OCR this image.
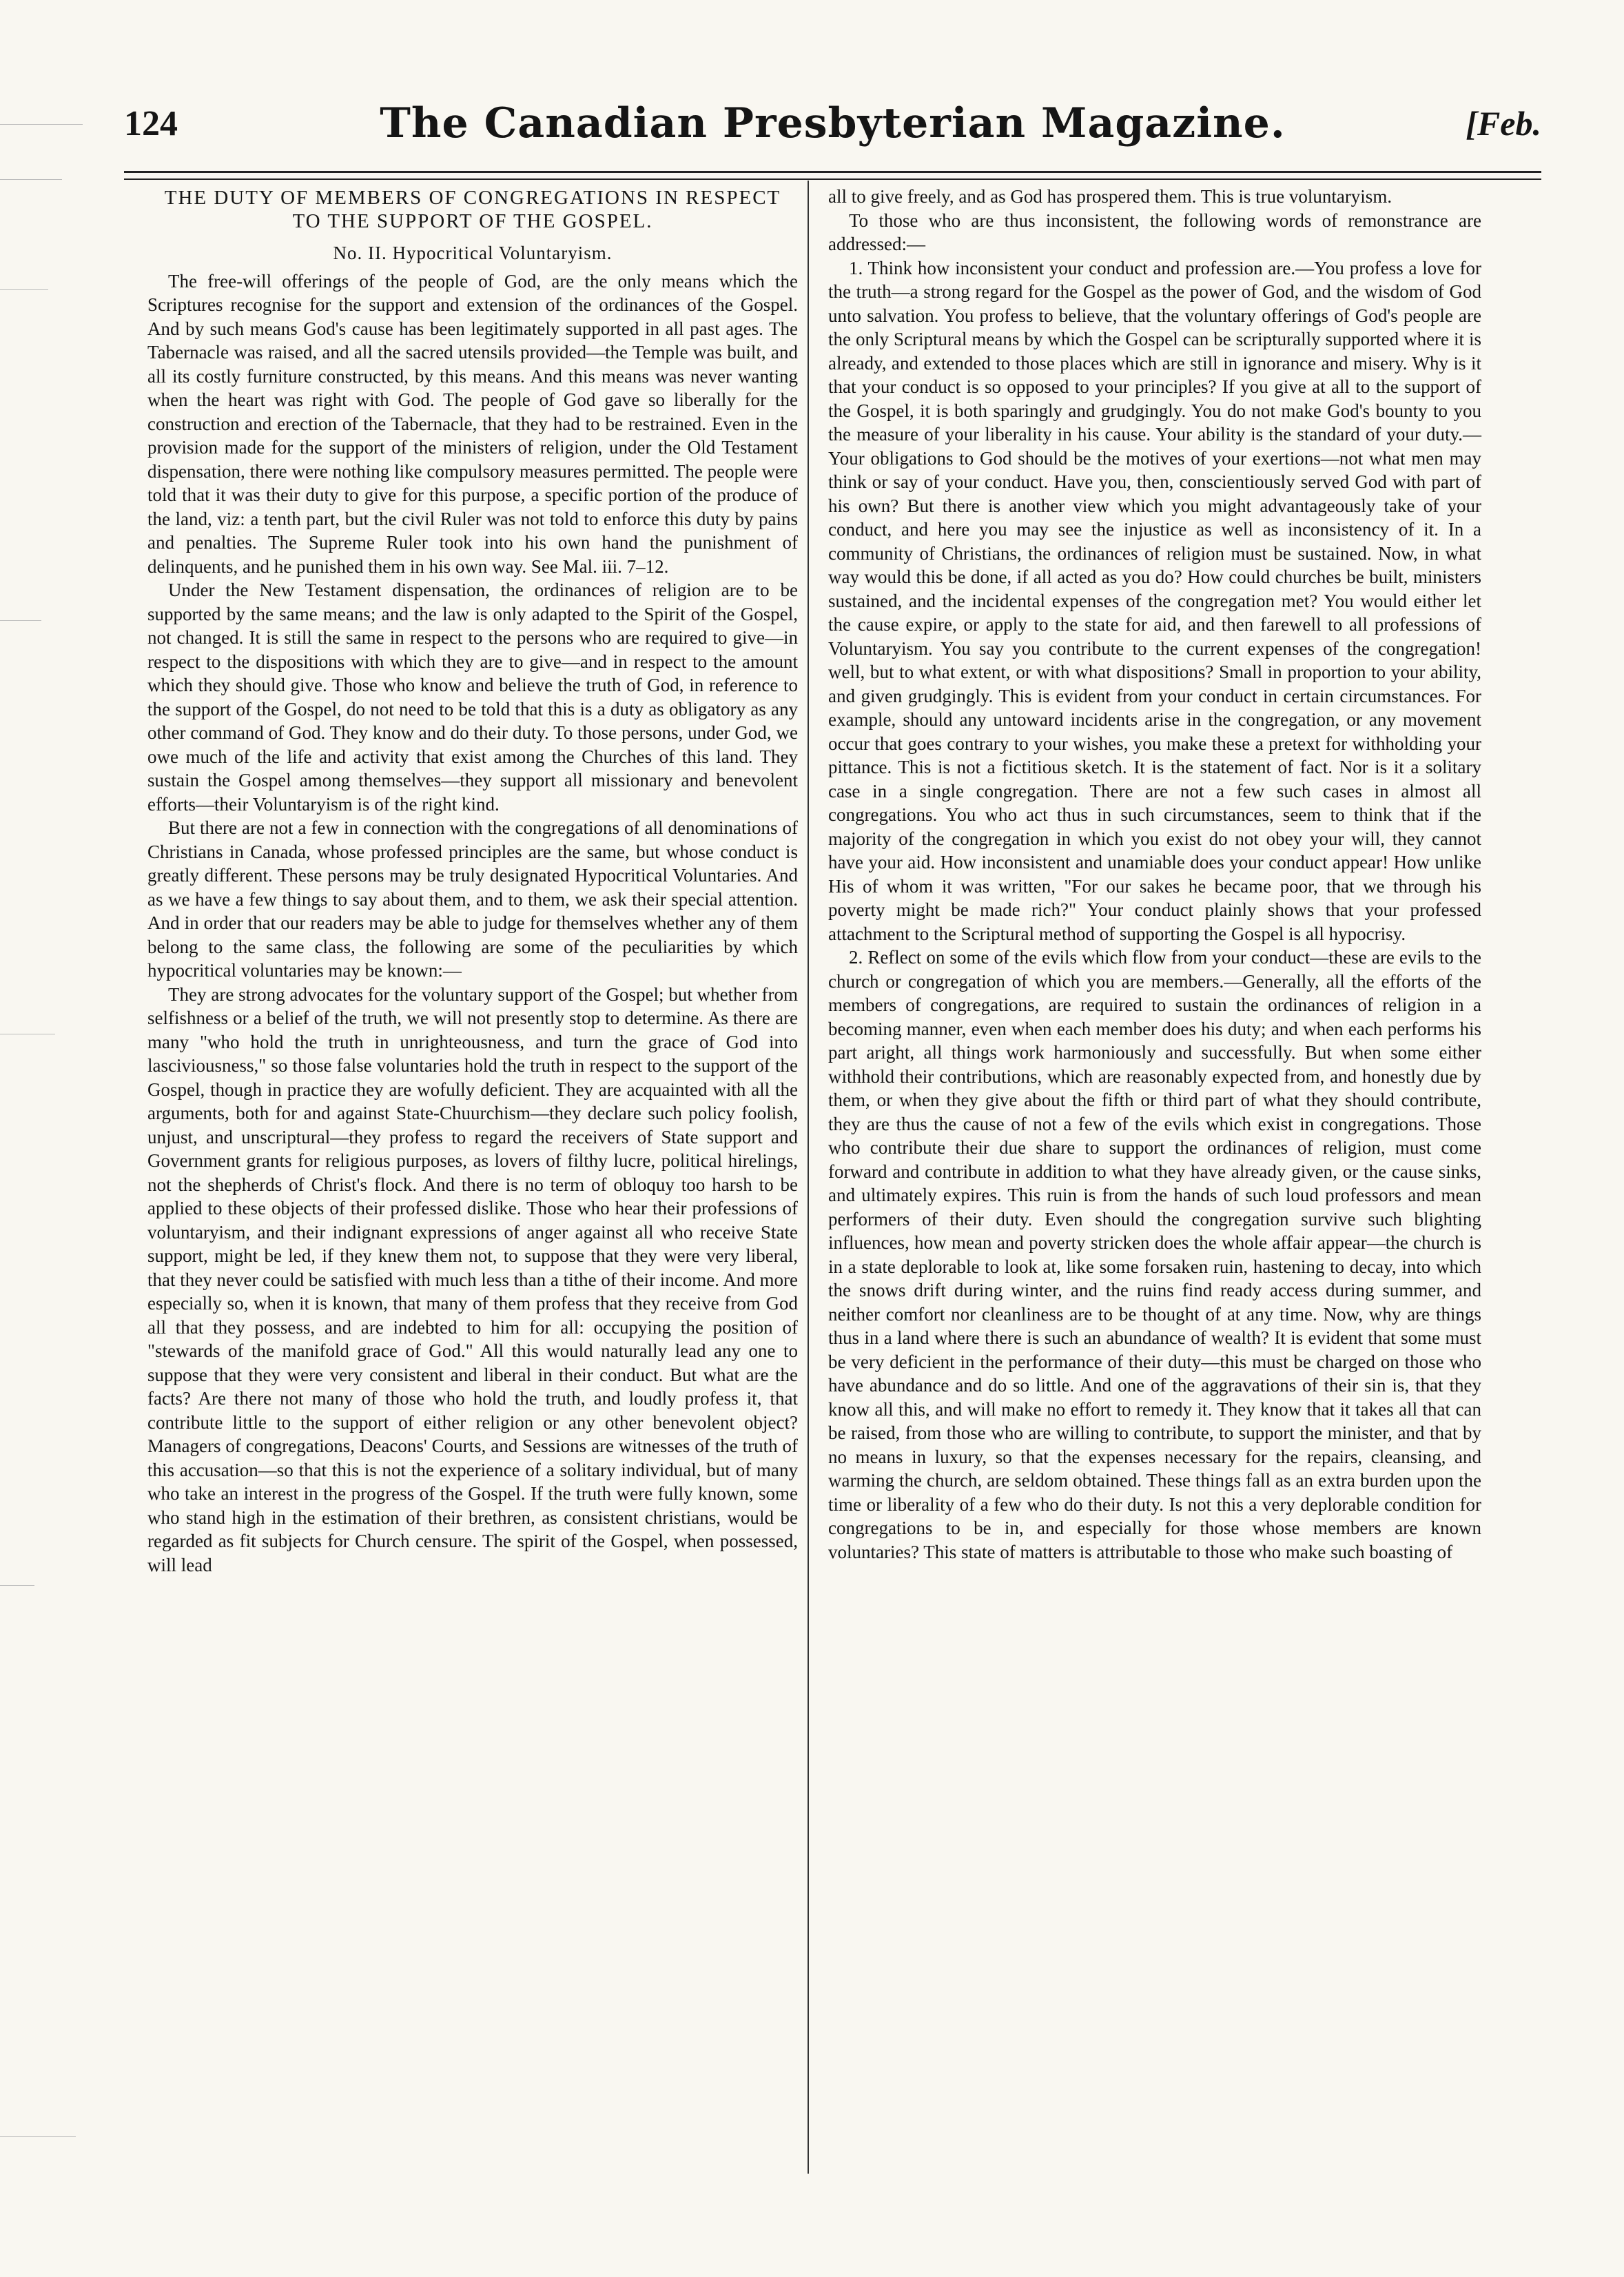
124	The Canadian Presbyterian Magazine.	[Feb.
THE DUTY OF MEMBERS OF CONGREGATIONS IN RESPECT TO THE SUPPORT OF THE GOSPEL.
No. II. Hypocritical Voluntaryism.

The free-will offerings of the people of God, are the only means which the Scriptures recognise for the support and extension of the ordinances of the Gospel. And by such means God's cause has been legitimately supported in all past ages. The Tabernacle was raised, and all the sacred utensils provided—the Temple was built, and all its costly furniture constructed, by this means. And this means was never wanting when the heart was right with God. The people of God gave so liberally for the construction and erection of the Tabernacle, that they had to be restrained. Even in the provision made for the support of the ministers of religion, under the Old Testament dispensation, there were nothing like compulsory measures permitted. The people were told that it was their duty to give for this purpose, a specific portion of the produce of the land, viz: a tenth part, but the civil Ruler was not told to enforce this duty by pains and penalties. The Supreme Ruler took into his own hand the punishment of delinquents, and he punished them in his own way. See Mal. iii. 7–12.

Under the New Testament dispensation, the ordinances of religion are to be supported by the same means; and the law is only adapted to the Spirit of the Gospel, not changed. It is still the same in respect to the persons who are required to give—in respect to the dispositions with which they are to give—and in respect to the amount which they should give. Those who know and believe the truth of God, in reference to the support of the Gospel, do not need to be told that this is a duty as obligatory as any other command of God. They know and do their duty. To those persons, under God, we owe much of the life and activity that exist among the Churches of this land. They sustain the Gospel among themselves—they support all missionary and benevolent efforts—their Voluntaryism is of the right kind.

But there are not a few in connection with the congregations of all denominations of Christians in Canada, whose professed principles are the same, but whose conduct is greatly different. These persons may be truly designated Hypocritical Voluntaries. And as we have a few things to say about them, and to them, we ask their special attention. And in order that our readers may be able to judge for themselves whether any of them belong to the same class, the following are some of the peculiarities by which hypocritical voluntaries may be known:—

They are strong advocates for the voluntary support of the Gospel; but whether from selfishness or a belief of the truth, we will not presently stop to determine. As there are many "who hold the truth in unrighteousness, and turn the grace of God into lasciviousness," so those false voluntaries hold the truth in respect to the support of the Gospel, though in practice they are wofully deficient. They are acquainted with all the arguments, both for and against State-Chuurchism—they declare such policy foolish, unjust, and unscriptural—they profess to regard the receivers of State support and Government grants for religious purposes, as lovers of filthy lucre, political hirelings, not the shepherds of Christ's flock. And there is no term of obloquy too harsh to be applied to these objects of their professed dislike. Those who hear their professions of voluntaryism, and their indignant expressions of anger against all who receive State support, might be led, if they knew them not, to suppose that they were very liberal, that they never could be satisfied with much less than a tithe of their income. And more especially so, when it is known, that many of them profess that they receive from God all that they possess, and are indebted to him for all: occupying the position of "stewards of the manifold grace of God." All this would naturally lead any one to suppose that they were very consistent and liberal in their conduct. But what are the facts? Are there not many of those who hold the truth, and loudly profess it, that contribute little to the support of either religion or any other benevolent object? Managers of congregations, Deacons' Courts, and Sessions are witnesses of the truth of this accusation—so that this is not the experience of a solitary individual, but of many who take an interest in the progress of the Gospel. If the truth were fully known, some who stand high in the estimation of their brethren, as consistent christians, would be regarded as fit subjects for Church censure. The spirit of the Gospel, when possessed, will lead

all to give freely, and as God has prospered them. This is true voluntaryism.

To those who are thus inconsistent, the following words of remonstrance are addressed:—

1. Think how inconsistent your conduct and profession are.—You profess a love for the truth—a strong regard for the Gospel as the power of God, and the wisdom of God unto salvation. You profess to believe, that the voluntary offerings of God's people are the only Scriptural means by which the Gospel can be scripturally supported where it is already, and extended to those places which are still in ignorance and misery. Why is it that your conduct is so opposed to your principles? If you give at all to the support of the Gospel, it is both sparingly and grudgingly. You do not make God's bounty to you the measure of your liberality in his cause. Your ability is the standard of your duty.—Your obligations to God should be the motives of your exertions—not what men may think or say of your conduct. Have you, then, conscientiously served God with part of his own? But there is another view which you might advantageously take of your conduct, and here you may see the injustice as well as inconsistency of it. In a community of Christians, the ordinances of religion must be sustained. Now, in what way would this be done, if all acted as you do? How could churches be built, ministers sustained, and the incidental expenses of the congregation met? You would either let the cause expire, or apply to the state for aid, and then farewell to all professions of Voluntaryism. You say you contribute to the current expenses of the congregation! well, but to what extent, or with what dispositions? Small in proportion to your ability, and given grudgingly. This is evident from your conduct in certain circumstances. For example, should any untoward incidents arise in the congregation, or any movement occur that goes contrary to your wishes, you make these a pretext for withholding your pittance. This is not a fictitious sketch. It is the statement of fact. Nor is it a solitary case in a single congregation. There are not a few such cases in almost all congregations. You who act thus in such circumstances, seem to think that if the majority of the congregation in which you exist do not obey your will, they cannot have your aid. How inconsistent and unamiable does your conduct appear! How unlike His of whom it was written, "For our sakes he became poor, that we through his poverty might be made rich?" Your conduct plainly shows that your professed attachment to the Scriptural method of supporting the Gospel is all hypocrisy.

2. Reflect on some of the evils which flow from your conduct—these are evils to the church or congregation of which you are members.—Generally, all the efforts of the members of congregations, are required to sustain the ordinances of religion in a becoming manner, even when each member does his duty; and when each performs his part aright, all things work harmoniously and successfully. But when some either withhold their contributions, which are reasonably expected from, and honestly due by them, or when they give about the fifth or third part of what they should contribute, they are thus the cause of not a few of the evils which exist in congregations. Those who contribute their due share to support the ordinances of religion, must come forward and contribute in addition to what they have already given, or the cause sinks, and ultimately expires. This ruin is from the hands of such loud professors and mean performers of their duty. Even should the congregation survive such blighting influences, how mean and poverty stricken does the whole affair appear—the church is in a state deplorable to look at, like some forsaken ruin, hastening to decay, into which the snows drift during winter, and the ruins find ready access during summer, and neither comfort nor cleanliness are to be thought of at any time. Now, why are things thus in a land where there is such an abundance of wealth? It is evident that some must be very deficient in the performance of their duty—this must be charged on those who have abundance and do so little. And one of the aggravations of their sin is, that they know all this, and will make no effort to remedy it. They know that it takes all that can be raised, from those who are willing to contribute, to support the minister, and that by no means in luxury, so that the expenses necessary for the repairs, cleansing, and warming the church, are seldom obtained. These things fall as an extra burden upon the time or liberality of a few who do their duty. Is not this a very deplorable condition for congregations to be in, and especially for those whose members are known voluntaries? This state of matters is attributable to those who make such boasting of
